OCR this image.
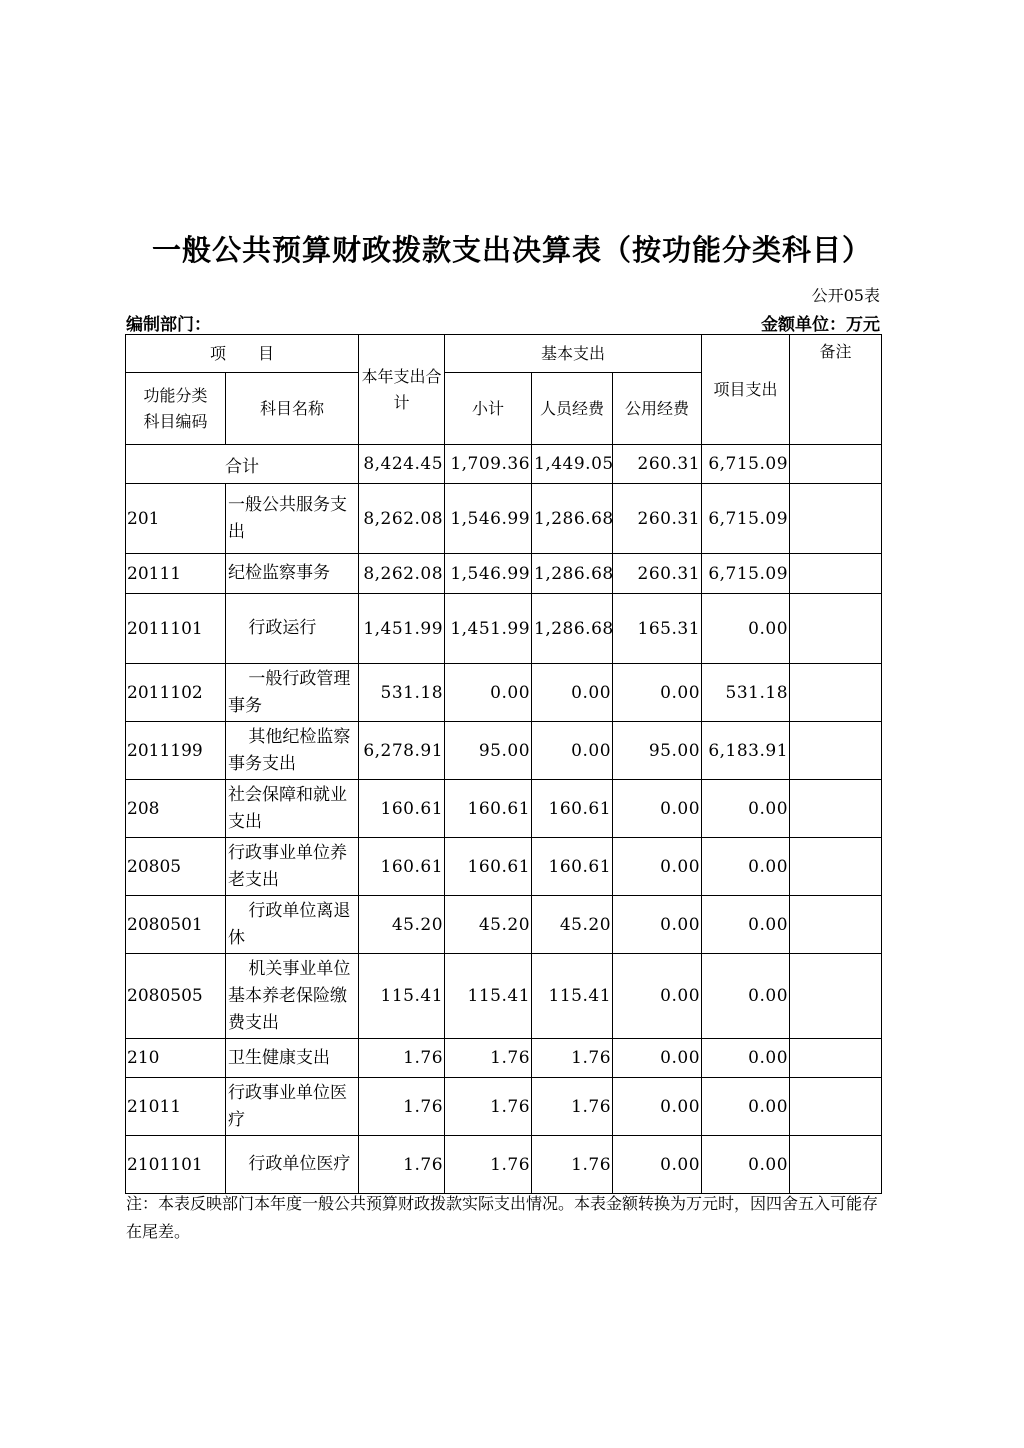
一般公共预算财政拨款支出决算表（按功能分类科目）
公开05表
编制部门：	金额单位：万元
项　　目		本年支出合计	基本支出			项目支出	备注
功能分类科目编码	科目名称		小计	人员经费	公用经费		
合计		8,424.45	1,709.36	1,449.05	260.31	6,715.09	
201	一般公共服务支出	8,262.08	1,546.99	1,286.68	260.31	6,715.09	
20111	纪检监察事务	8,262.08	1,546.99	1,286.68	260.31	6,715.09	
2011101	行政运行	1,451.99	1,451.99	1,286.68	165.31	0.00	
2011102	一般行政管理事务	531.18	0.00	0.00	0.00	531.18	
2011199	其他纪检监察事务支出	6,278.91	95.00	0.00	95.00	6,183.91	
208	社会保障和就业支出	160.61	160.61	160.61	0.00	0.00	
20805	行政事业单位养老支出	160.61	160.61	160.61	0.00	0.00	
2080501	行政单位离退休	45.20	45.20	45.20	0.00	0.00	
2080505	机关事业单位基本养老保险缴费支出	115.41	115.41	115.41	0.00	0.00	
210	卫生健康支出	1.76	1.76	1.76	0.00	0.00	
21011	行政事业单位医疗	1.76	1.76	1.76	0.00	0.00	
2101101	行政单位医疗	1.76	1.76	1.76	0.00	0.00	
注：本表反映部门本年度一般公共预算财政拨款实际支出情况。本表金额转换为万元时，因四舍五入可能存在尾差。
